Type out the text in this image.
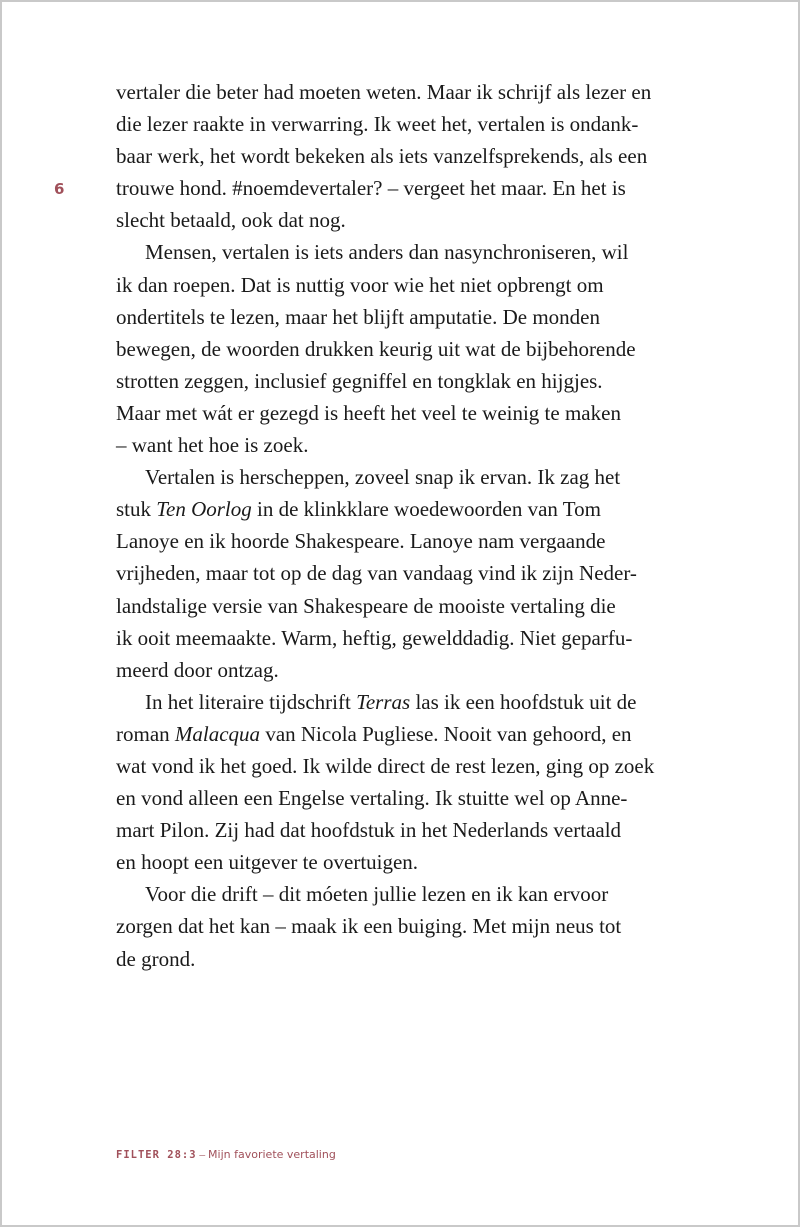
6
vertaler die beter had moeten weten. Maar ik schrijf als lezer en
die lezer raakte in verwarring. Ik weet het, vertalen is ondank-
baar werk, het wordt bekeken als iets vanzelfsprekends, als een
trouwe hond. #noemdevertaler? – vergeet het maar. En het is
slecht betaald, ook dat nog.
Mensen, vertalen is iets anders dan nasynchroniseren, wil
ik dan roepen. Dat is nuttig voor wie het niet opbrengt om
ondertitels te lezen, maar het blijft amputatie. De monden
bewegen, de woorden drukken keurig uit wat de bijbehorende
strotten zeggen, inclusief gegniffel en tongklak en hijgjes.
Maar met wát er gezegd is heeft het veel te weinig te maken
– want het hoe is zoek.
Vertalen is herscheppen, zoveel snap ik ervan. Ik zag het
stuk Ten Oorlog in de klinkklare woedewoorden van Tom
Lanoye en ik hoorde Shakespeare. Lanoye nam vergaande
vrijheden, maar tot op de dag van vandaag vind ik zijn Neder-
landstalige versie van Shakespeare de mooiste vertaling die
ik ooit meemaakte. Warm, heftig, gewelddadig. Niet geparfu-
meerd door ontzag.
In het literaire tijdschrift Terras las ik een hoofdstuk uit de
roman Malacqua van Nicola Pugliese. Nooit van gehoord, en
wat vond ik het goed. Ik wilde direct de rest lezen, ging op zoek
en vond alleen een Engelse vertaling. Ik stuitte wel op Anne-
mart Pilon. Zij had dat hoofdstuk in het Nederlands vertaald
en hoopt een uitgever te overtuigen.
Voor die drift – dit móeten jullie lezen en ik kan ervoor
zorgen dat het kan – maak ik een buiging. Met mijn neus tot
de grond.
FILTER 28:3 – Mijn favoriete vertaling
